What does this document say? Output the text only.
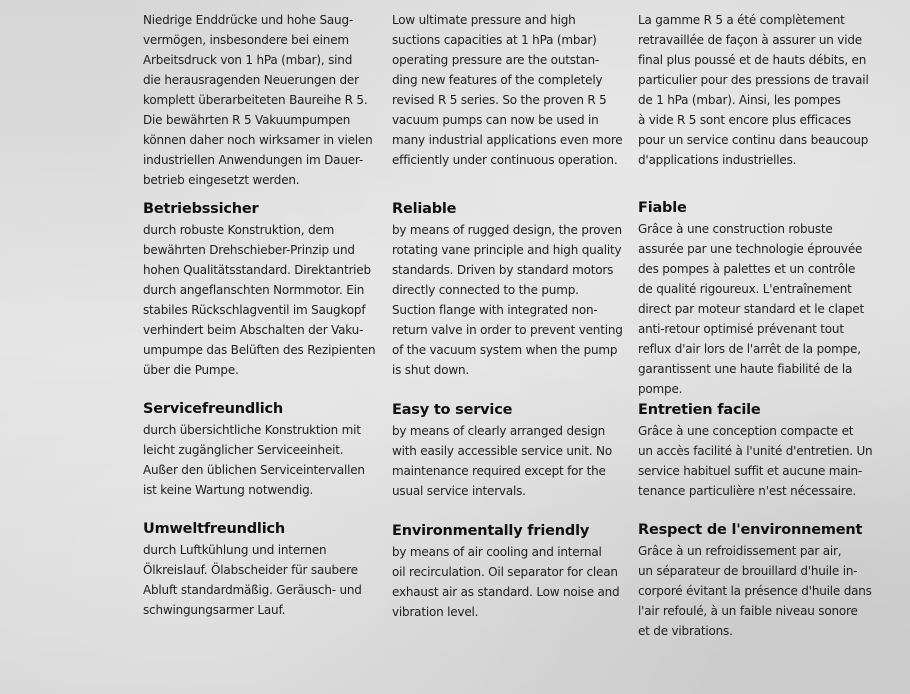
Niedrige Enddrücke und hohe Saug-
vermögen, insbesondere bei einem
Arbeitsdruck von 1 hPa (mbar), sind
die herausragenden Neuerungen der
komplett überarbeiteten Baureihe R 5.
Die bewährten R 5 Vakuumpumpen
können daher noch wirksamer in vielen
industriellen Anwendungen im Dauer-
betrieb eingesetzt werden.

Betriebssicher

durch robuste Konstruktion, dem
bewährten Drehschieber-Prinzip und
hohen Qualitätsstandard. Direktantrieb
durch angeflanschten Normmotor. Ein
stabiles Rückschlagventil im Saugkopf
verhindert beim Abschalten der Vaku-
umpumpe das Belüften des Rezipienten
über die Pumpe.

Servicefreundlich

durch übersichtliche Konstruktion mit
leicht zugänglicher Serviceeinheit.
Außer den üblichen Serviceintervallen
ist keine Wartung notwendig.

Umweltfreundlich

durch Luftkühlung und internen
Ölkreislauf. Ölabscheider für saubere
Abluft standardmäßig. Geräusch- und
schwingungsarmer Lauf.

Low ultimate pressure and high
suctions capacities at 1 hPa (mbar)
operating pressure are the outstan-
ding new features of the completely
revised R 5 series. So the proven R 5
vacuum pumps can now be used in
many industrial applications even more
efficiently under continuous operation.

Reliable

by means of rugged design, the proven
rotating vane principle and high quality
standards. Driven by standard motors
directly connected to the pump.
Suction flange with integrated non-
return valve in order to prevent venting
of the vacuum system when the pump
is shut down.

Easy to service

by means of clearly arranged design
with easily accessible service unit. No
maintenance required except for the
usual service intervals.

Environmentally friendly

by means of air cooling and internal
oil recirculation. Oil separator for clean
exhaust air as standard. Low noise and
vibration level.

La gamme R 5 a été complètement
retravaillée de façon à assurer un vide
final plus poussé et de hauts débits, en
particulier pour des pressions de travail
de 1 hPa (mbar). Ainsi, les pompes
à vide R 5 sont encore plus efficaces
pour un service continu dans beaucoup
d'applications industrielles.

Fiable

Grâce à une construction robuste
assurée par une technologie éprouvée
des pompes à palettes et un contrôle
de qualité rigoureux. L'entraînement
direct par moteur standard et le clapet
anti-retour optimisé prévenant tout
reflux d'air lors de l'arrêt de la pompe,
garantissent une haute fiabilité de la
pompe.

Entretien facile

Grâce à une conception compacte et
un accès facilité à l'unité d'entretien. Un
service habituel suffit et aucune main-
tenance particulière n'est nécessaire.

Respect de l'environnement

Grâce à un refroidissement par air,
un séparateur de brouillard d'huile in-
corporé évitant la présence d'huile dans
l'air refoulé, à un faible niveau sonore
et de vibrations.
